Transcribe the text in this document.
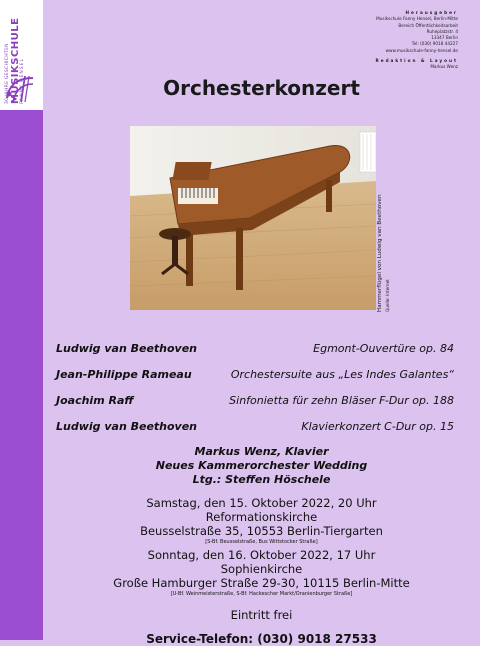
30 JAHRE GESCHICHTEN MUSIKSCHULE FANNY HENSEL
Herausgeber
Musikschule Fanny Hensel, Berlin-Mitte
Bereich Öffentlichkeitsarbeit
Ruheplatzstr. 4
13347 Berlin
Tel: (030) 9018 44227
www.musikschule-fanny-hensel.de
Redaktion & Layout
Markus Wenz
Orchesterkonzert
Hammerflügel von Ludwig van Beethoven Quelle: Internet
Ludwig van Beethoven	Egmont-Ouvertüre op. 84
Jean-Philippe Rameau	Orchestersuite aus „Les Indes Galantes“
Joachim Raff	Sinfonietta für zehn Bläser F-Dur op. 188
Ludwig van Beethoven	Klavierkonzert C-Dur op. 15
Markus Wenz, Klavier
Neues Kammerorchester Wedding
Ltg.: Steffen Höschele
Samstag, den 15. Oktober 2022, 20 Uhr
Reformationskirche
Beusselstraße 35, 10553 Berlin-Tiergarten
[S-Bf. Beusselstraße, Bus Wittstocker Straße]
Sonntag, den 16. Oktober 2022, 17 Uhr
Sophienkirche
Große Hamburger Straße 29-30, 10115 Berlin-Mitte
[U-Bf. Weinmeisterstraße, S-Bf. Hackescher Markt/Oranienburger Straße]
Eintritt frei
Service-Telefon: (030) 9018 27533
